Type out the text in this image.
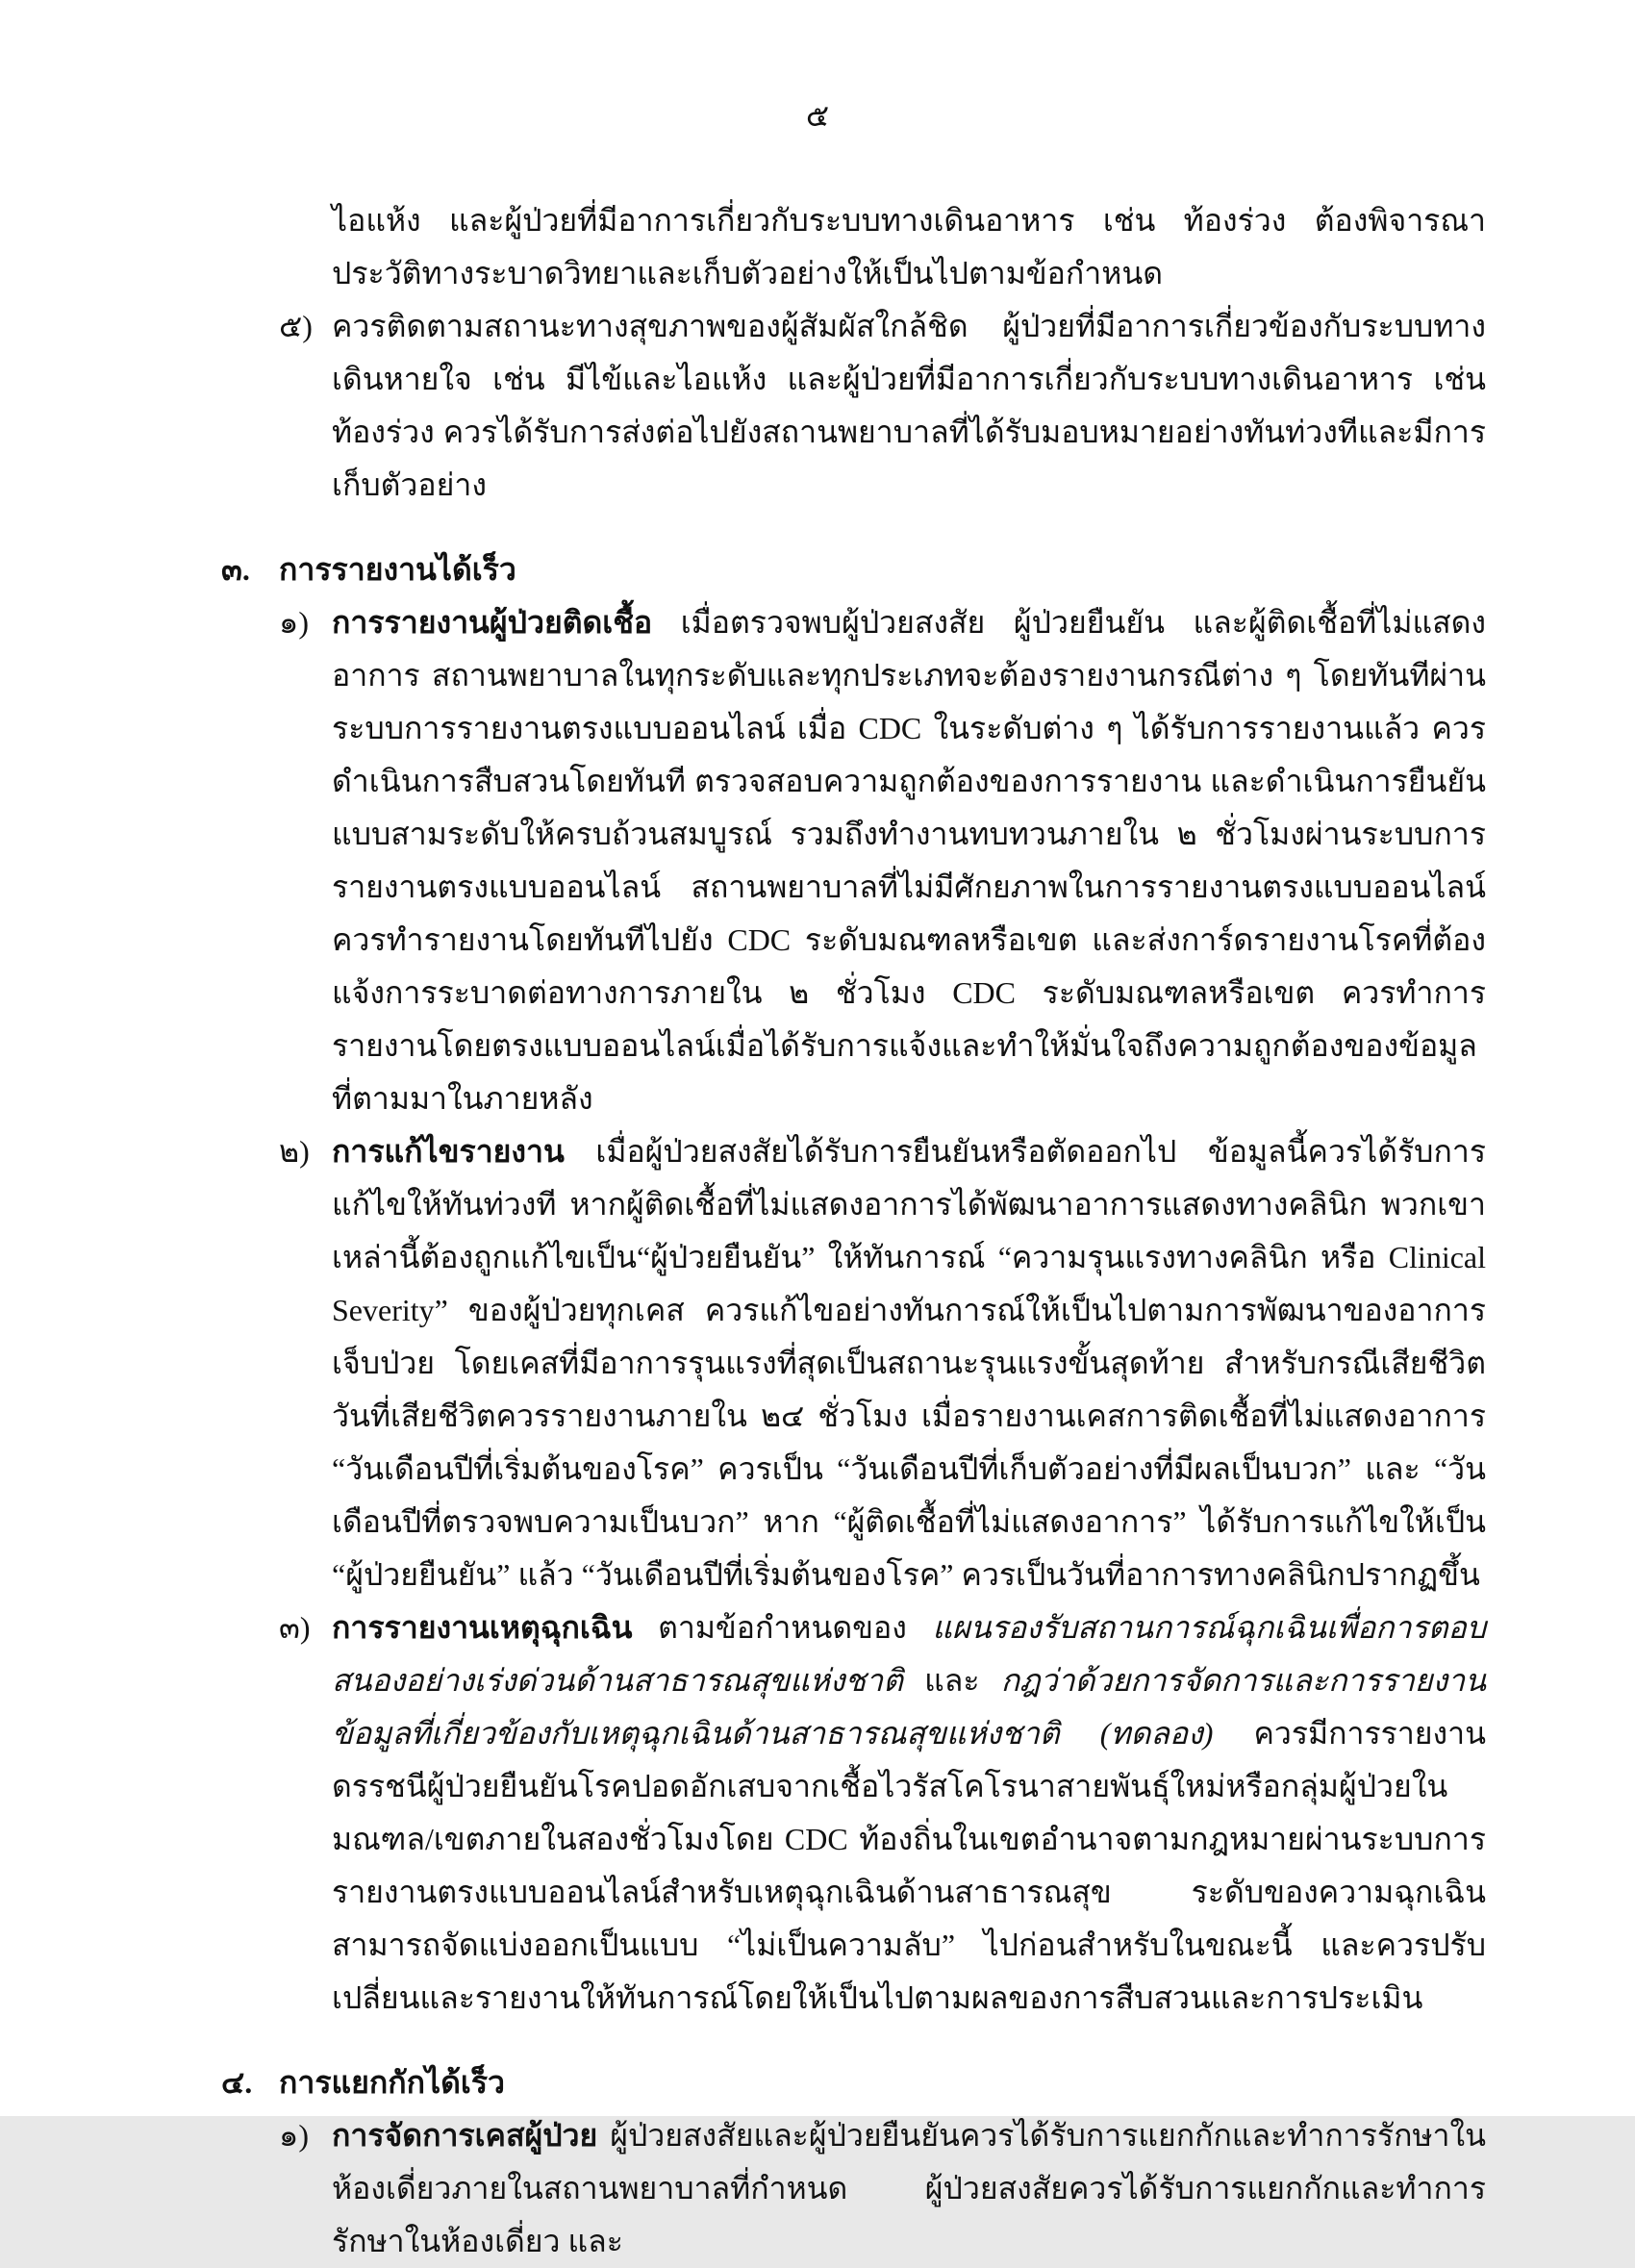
๕

ไอแห้ง และผู้ป่วยที่มีอาการเกี่ยวกับระบบทางเดินอาหาร เช่น ท้องร่วง ต้องพิจารณาประวัติทางระบาดวิทยาและเก็บตัวอย่างให้เป็นไปตามข้อกำหนด

๕) ควรติดตามสถานะทางสุขภาพของผู้สัมผัสใกล้ชิด ผู้ป่วยที่มีอาการเกี่ยวข้องกับระบบทางเดินหายใจ เช่น มีไข้และไอแห้ง และผู้ป่วยที่มีอาการเกี่ยวกับระบบทางเดินอาหาร เช่น ท้องร่วง ควรได้รับการส่งต่อไปยังสถานพยาบาลที่ได้รับมอบหมายอย่างทันท่วงทีและมีการเก็บตัวอย่าง
๓. การรายงานได้เร็ว
๑) การรายงานผู้ป่วยติดเชื้อ เมื่อตรวจพบผู้ป่วยสงสัย ผู้ป่วยยืนยัน และผู้ติดเชื้อที่ไม่แสดงอาการ สถานพยาบาลในทุกระดับและทุกประเภทจะต้องรายงานกรณีต่าง ๆ โดยทันทีผ่านระบบการรายงานตรงแบบออนไลน์ เมื่อ CDC ในระดับต่าง ๆ ได้รับการรายงานแล้ว ควรดำเนินการสืบสวนโดยทันที ตรวจสอบความถูกต้องของการรายงาน และดำเนินการยืนยันแบบสามระดับให้ครบถ้วนสมบูรณ์ รวมถึงทำงานทบทวนภายใน ๒ ชั่วโมงผ่านระบบการรายงานตรงแบบออนไลน์ สถานพยาบาลที่ไม่มีศักยภาพในการรายงานตรงแบบออนไลน์ควรทำรายงานโดยทันทีไปยัง CDC ระดับมณฑลหรือเขต และส่งการ์ดรายงานโรคที่ต้องแจ้งการระบาดต่อทางการภายใน ๒ ชั่วโมง CDC ระดับมณฑลหรือเขต ควรทำการรายงานโดยตรงแบบออนไลน์เมื่อได้รับการแจ้งและทำให้มั่นใจถึงความถูกต้องของข้อมูลที่ตามมาในภายหลัง
๒) การแก้ไขรายงาน เมื่อผู้ป่วยสงสัยได้รับการยืนยันหรือตัดออกไป ข้อมูลนี้ควรได้รับการแก้ไขให้ทันท่วงที หากผู้ติดเชื้อที่ไม่แสดงอาการได้พัฒนาอาการแสดงทางคลินิก พวกเขาเหล่านี้ต้องถูกแก้ไขเป็น“ผู้ป่วยยืนยัน” ให้ทันการณ์ “ความรุนแรงทางคลินิก หรือ Clinical Severity” ของผู้ป่วยทุกเคส ควรแก้ไขอย่างทันการณ์ให้เป็นไปตามการพัฒนาของอาการเจ็บป่วย โดยเคสที่มีอาการรุนแรงที่สุดเป็นสถานะรุนแรงขั้นสุดท้าย สำหรับกรณีเสียชีวิต วันที่เสียชีวิตควรรายงานภายใน ๒๔ ชั่วโมง เมื่อรายงานเคสการติดเชื้อที่ไม่แสดงอาการ “วันเดือนปีที่เริ่มต้นของโรค” ควรเป็น “วันเดือนปีที่เก็บตัวอย่างที่มีผลเป็นบวก” และ “วันเดือนปีที่ตรวจพบความเป็นบวก” หาก “ผู้ติดเชื้อที่ไม่แสดงอาการ” ได้รับการแก้ไขให้เป็น “ผู้ป่วยยืนยัน” แล้ว “วันเดือนปีที่เริ่มต้นของโรค” ควรเป็นวันที่อาการทางคลินิกปรากฏขึ้น
๓) การรายงานเหตุฉุกเฉิน ตามข้อกำหนดของ แผนรองรับสถานการณ์ฉุกเฉินเพื่อการตอบสนองอย่างเร่งด่วนด้านสาธารณสุขแห่งชาติ และ กฎว่าด้วยการจัดการและการรายงานข้อมูลที่เกี่ยวข้องกับเหตุฉุกเฉินด้านสาธารณสุขแห่งชาติ (ทดลอง) ควรมีการรายงานดรรชนีผู้ป่วยยืนยันโรคปอดอักเสบจากเชื้อไวรัสโคโรนาสายพันธุ์ใหม่หรือกลุ่มผู้ป่วยในมณฑล/เขตภายในสองชั่วโมงโดย CDC ท้องถิ่นในเขตอำนาจตามกฎหมายผ่านระบบการรายงานตรงแบบออนไลน์สำหรับเหตุฉุกเฉินด้านสาธารณสุข ระดับของความฉุกเฉินสามารถจัดแบ่งออกเป็นแบบ “ไม่เป็นความลับ” ไปก่อนสำหรับในขณะนี้ และควรปรับเปลี่ยนและรายงานให้ทันการณ์โดยให้เป็นไปตามผลของการสืบสวนและการประเมิน
๔. การแยกกักได้เร็ว
๑) การจัดการเคสผู้ป่วย ผู้ป่วยสงสัยและผู้ป่วยยืนยันควรได้รับการแยกกักและทำการรักษาในห้องเดี่ยวภายในสถานพยาบาลที่กำหนด ผู้ป่วยสงสัยควรได้รับการแยกกักและทำการรักษาในห้องเดี่ยว และ
